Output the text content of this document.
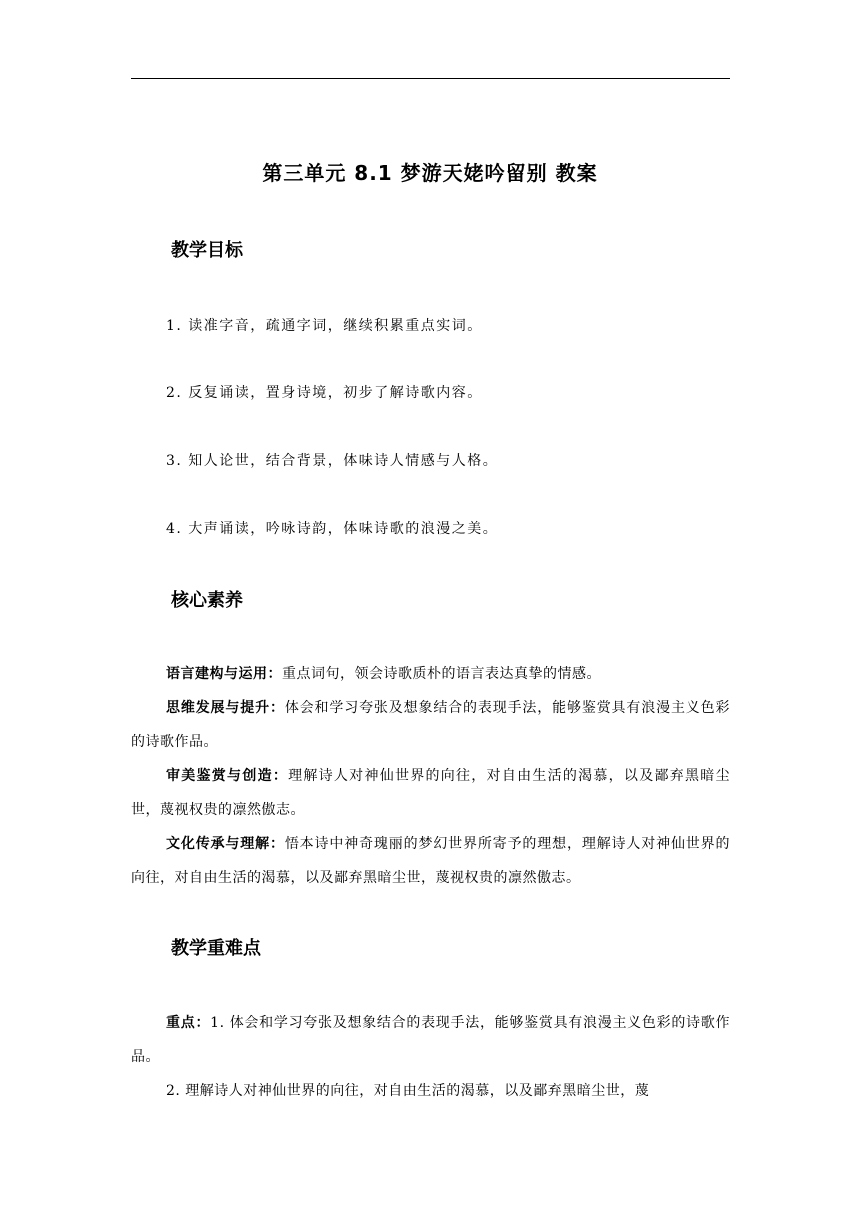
第三单元 8.1 梦游天姥吟留别 教案
教学目标
1. 读准字音，疏通字词，继续积累重点实词。
2. 反复诵读，置身诗境，初步了解诗歌内容。
3. 知人论世，结合背景，体味诗人情感与人格。
4. 大声诵读，吟咏诗韵，体味诗歌的浪漫之美。
核心素养
语言建构与运用：重点词句，领会诗歌质朴的语言表达真挚的情感。
思维发展与提升：体会和学习夸张及想象结合的表现手法，能够鉴赏具有浪漫主义色彩的诗歌作品。
审美鉴赏与创造：理解诗人对神仙世界的向往，对自由生活的渴慕，以及鄙弃黑暗尘世，蔑视权贵的凛然傲志。
文化传承与理解：悟本诗中神奇瑰丽的梦幻世界所寄予的理想，理解诗人对神仙世界的向往，对自由生活的渴慕，以及鄙弃黑暗尘世，蔑视权贵的凛然傲志。
教学重难点
重点：1. 体会和学习夸张及想象结合的表现手法，能够鉴赏具有浪漫主义色彩的诗歌作品。
2. 理解诗人对神仙世界的向往，对自由生活的渴慕，以及鄙弃黑暗尘世，蔑
